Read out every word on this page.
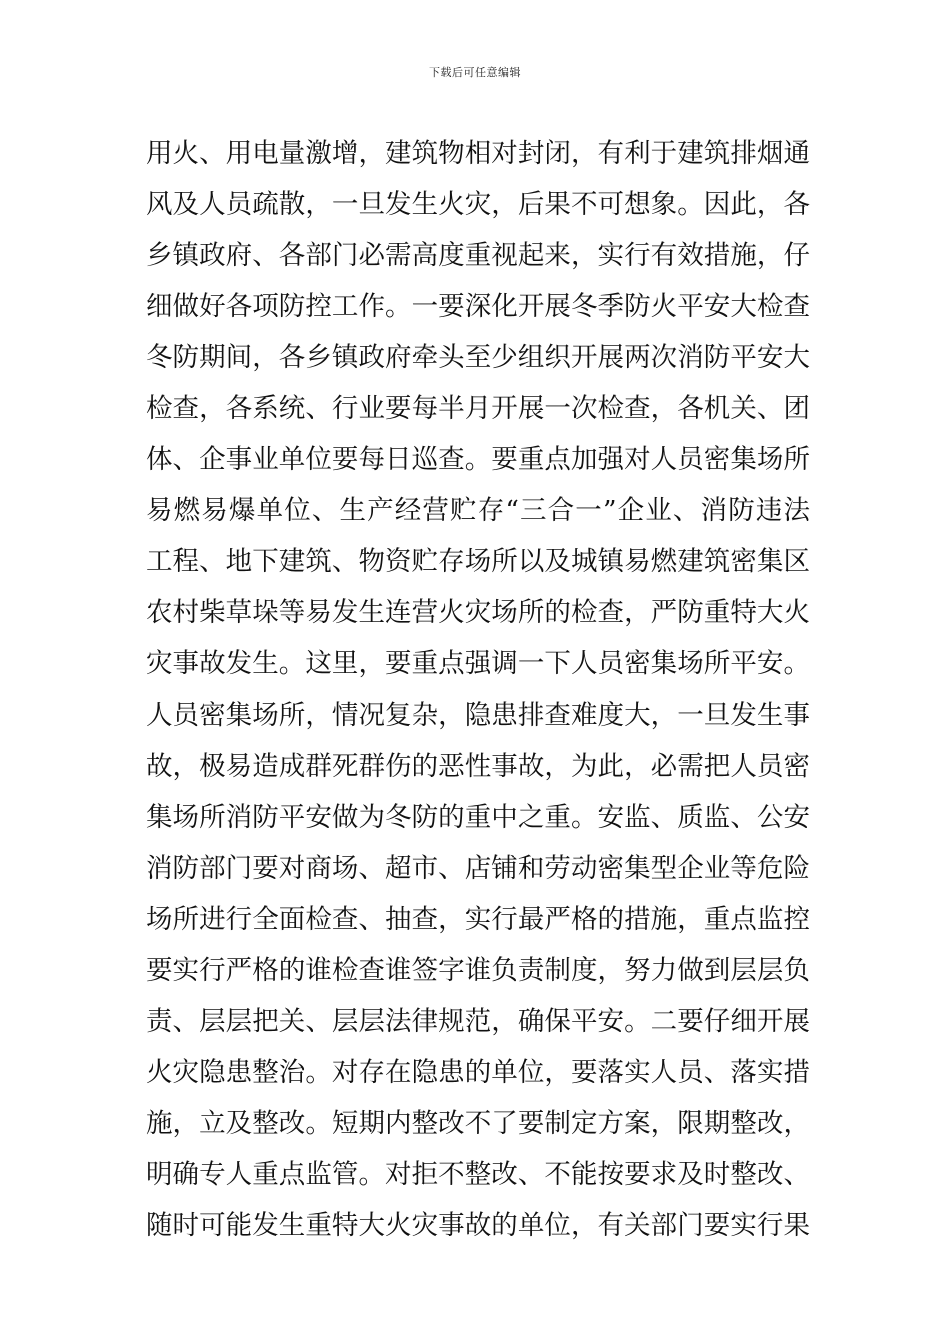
下载后可任意编辑
用火、用电量激增，建筑物相对封闭，有利于建筑排烟通
风及人员疏散，一旦发生火灾，后果不可想象。因此，各
乡镇政府、各部门必需高度重视起来，实行有效措施，仔
细做好各项防控工作。一要深化开展冬季防火平安大检查
冬防期间，各乡镇政府牵头至少组织开展两次消防平安大
检查，各系统、行业要每半月开展一次检查，各机关、团
体、企事业单位要每日巡查。要重点加强对人员密集场所
易燃易爆单位、生产经营贮存“三合一”企业、消防违法
工程、地下建筑、物资贮存场所以及城镇易燃建筑密集区
农村柴草垛等易发生连营火灾场所的检查，严防重特大火
灾事故发生。这里，要重点强调一下人员密集场所平安。
人员密集场所，情况复杂，隐患排查难度大，一旦发生事
故，极易造成群死群伤的恶性事故，为此，必需把人员密
集场所消防平安做为冬防的重中之重。安监、质监、公安
消防部门要对商场、超市、店铺和劳动密集型企业等危险
场所进行全面检查、抽查，实行最严格的措施，重点监控
要实行严格的谁检查谁签字谁负责制度，努力做到层层负
责、层层把关、层层法律规范，确保平安。二要仔细开展
火灾隐患整治。对存在隐患的单位，要落实人员、落实措
施，立及整改。短期内整改不了要制定方案，限期整改，
明确专人重点监管。对拒不整改、不能按要求及时整改、
随时可能发生重特大火灾事故的单位，有关部门要实行果
